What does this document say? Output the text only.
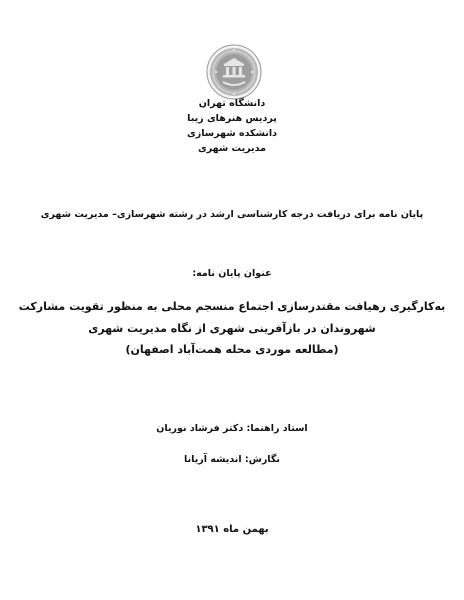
دانشگاه تهران
پردیس هنرهای زیبا
دانشکده شهرسازی
مدیریت شهری
پایان نامه برای دریافت درجه کارشناسی ارشد در رشته شهرسازی– مدیریت شهری
عنوان پایان نامه:
به‌کارگیری رهیافت مقتدرسازی اجتماع منسجم محلی به منظور تقویت مشارکت
شهروندان در بازآفرینی شهری از نگاه مدیریت شهری
(مطالعه موردی محله همت‌آباد اصفهان)
استاد راهنما: دکتر فرشاد نوریان
نگارش: اندیشه آریانا
بهمن ماه ۱۳۹۱
